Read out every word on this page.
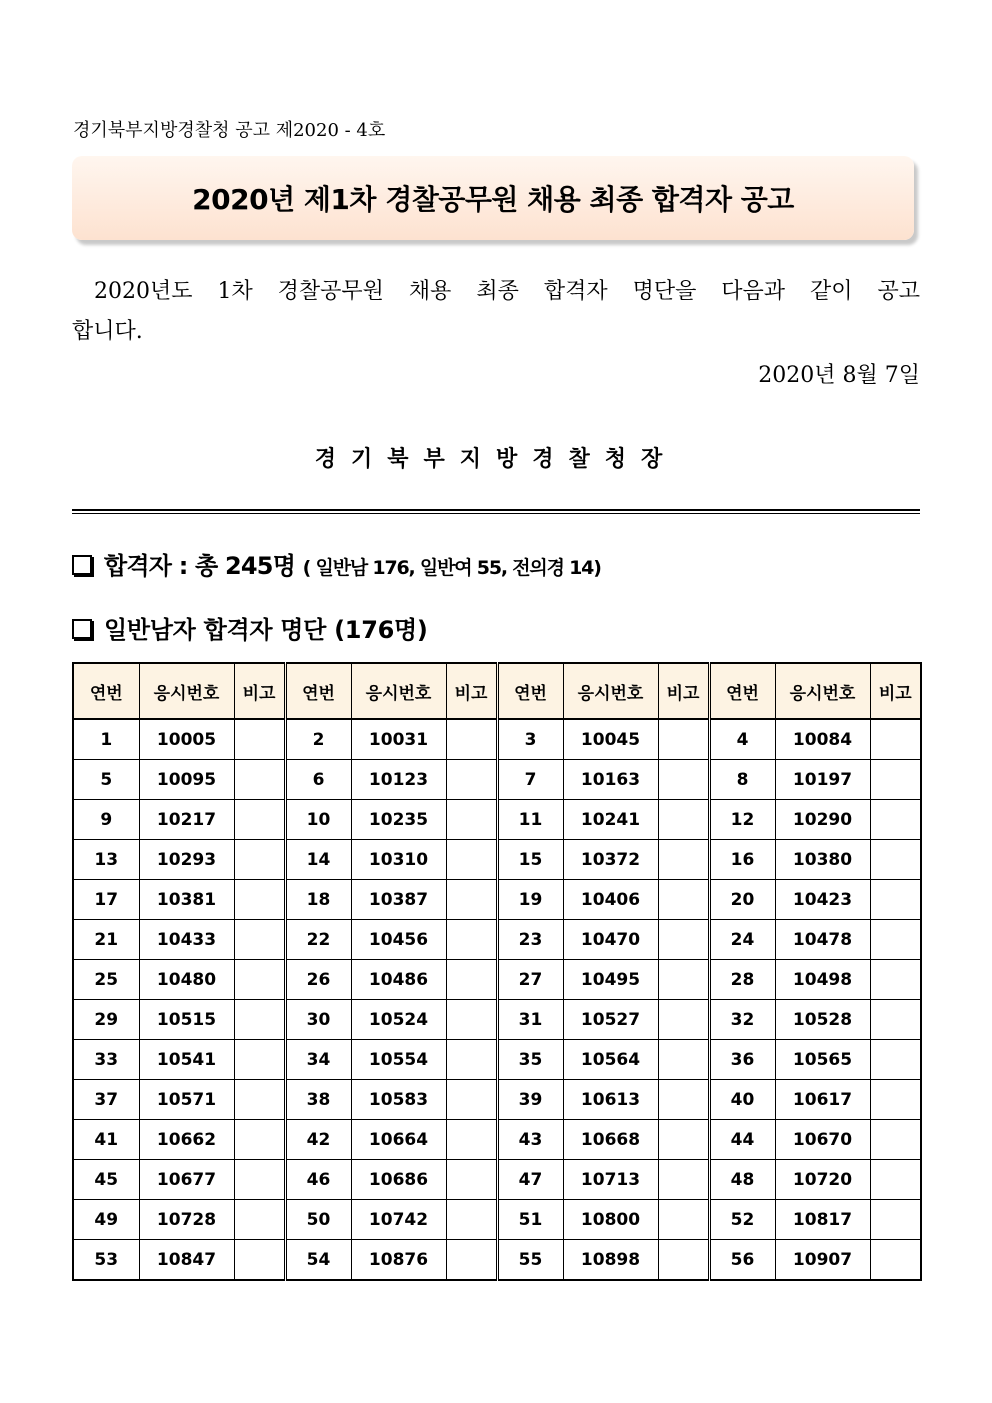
경기북부지방경찰청 공고 제2020 - 4호
2020년 제1차 경찰공무원 채용 최종 합격자 공고
2020년도 1차 경찰공무원 채용 최종 합격자 명단을 다음과 같이 공고
합니다.
2020년 8월 7일
경기북부지방경찰청장
합격자 : 총 245명 ( 일반남 176, 일반여 55, 전의경 14)
일반남자 합격자 명단 (176명)
연번	응시번호	비고	연번	응시번호	비고	연번	응시번호	비고	연번	응시번호	비고
1	10005		2	10031		3	10045		4	10084	
5	10095		6	10123		7	10163		8	10197	
9	10217		10	10235		11	10241		12	10290	
13	10293		14	10310		15	10372		16	10380	
17	10381		18	10387		19	10406		20	10423	
21	10433		22	10456		23	10470		24	10478	
25	10480		26	10486		27	10495		28	10498	
29	10515		30	10524		31	10527		32	10528	
33	10541		34	10554		35	10564		36	10565	
37	10571		38	10583		39	10613		40	10617	
41	10662		42	10664		43	10668		44	10670	
45	10677		46	10686		47	10713		48	10720	
49	10728		50	10742		51	10800		52	10817	
53	10847		54	10876		55	10898		56	10907	
